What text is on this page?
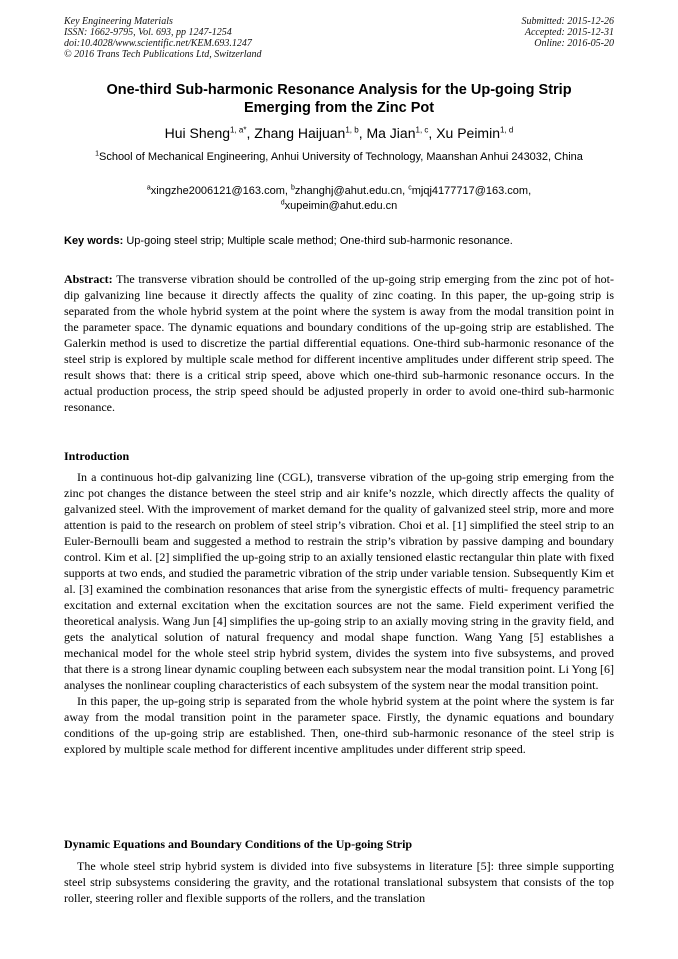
Key Engineering Materials
ISSN: 1662-9795, Vol. 693, pp 1247-1254
doi:10.4028/www.scientific.net/KEM.693.1247
© 2016 Trans Tech Publications Ltd, Switzerland
Submitted: 2015-12-26
Accepted: 2015-12-31
Online: 2016-05-20
One-third Sub-harmonic Resonance Analysis for the Up-going Strip
Emerging from the Zinc Pot
Hui Sheng$^{1, a*}$, Zhang Haijuan$^{1, b}$, Ma Jian$^{1, c}$, Xu Peimin$^{1, d}$
$^1$School of Mechanical Engineering, Anhui University of Technology, Maanshan Anhui 243032, China
$^a$xingzhe2006121@163.com, $^b$zhanghj@ahut.edu.cn, $^c$mjqj4177717@163.com,
$^d$xupeimin@ahut.edu.cn
Key words: Up-going steel strip; Multiple scale method; One-third sub-harmonic resonance.
Abstract: The transverse vibration should be controlled of the up-going strip emerging from the zinc pot of hot-dip galvanizing line because it directly affects the quality of zinc coating. In this paper, the up-going strip is separated from the whole hybrid system at the point where the system is away from the modal transition point in the parameter space. The dynamic equations and boundary conditions of the up-going strip are established. The Galerkin method is used to discretize the partial differential equations. One-third sub-harmonic resonance of the steel strip is explored by multiple scale method for different incentive amplitudes under different strip speed. The result shows that: there is a critical strip speed, above which one-third sub-harmonic resonance occurs. In the actual production process, the strip speed should be adjusted properly in order to avoid one-third sub-harmonic resonance.
Introduction

In a continuous hot-dip galvanizing line (CGL), transverse vibration of the up-going strip emerging from the zinc pot changes the distance between the steel strip and air knife’s nozzle, which directly affects the quality of galvanized steel. With the improvement of market demand for the quality of galvanized steel strip, more and more attention is paid to the research on problem of steel strip’s vibration. Choi et al. [1] simplified the steel strip to an Euler-Bernoulli beam and suggested a method to restrain the strip’s vibration by passive damping and boundary control. Kim et al. [2] simplified the up-going strip to an axially tensioned elastic rectangular thin plate with fixed supports at two ends, and studied the parametric vibration of the strip under variable tension. Subsequently Kim et al. [3] examined the combination resonances that arise from the synergistic effects of multi- frequency parametric excitation and external excitation when the excitation sources are not the same. Field experiment verified the theoretical analysis. Wang Jun [4] simplifies the up-going strip to an axially moving string in the gravity field, and gets the analytical solution of natural frequency and modal shape function. Wang Yang [5] establishes a mechanical model for the whole steel strip hybrid system, divides the system into five subsystems, and proved that there is a strong linear dynamic coupling between each subsystem near the modal transition point. Li Yong [6] analyses the nonlinear coupling characteristics of each subsystem of the system near the modal transition point.

In this paper, the up-going strip is separated from the whole hybrid system at the point where the system is far away from the modal transition point in the parameter space. Firstly, the dynamic equations and boundary conditions of the up-going strip are established. Then, one-third sub-harmonic resonance of the steel strip is explored by multiple scale method for different incentive amplitudes under different strip speed.

Dynamic Equations and Boundary Conditions of the Up-going Strip

The whole steel strip hybrid system is divided into five subsystems in literature [5]: three simple supporting steel strip subsystems considering the gravity, and the rotational translational subsystem that consists of the top roller, steering roller and flexible supports of the rollers, and the translation
